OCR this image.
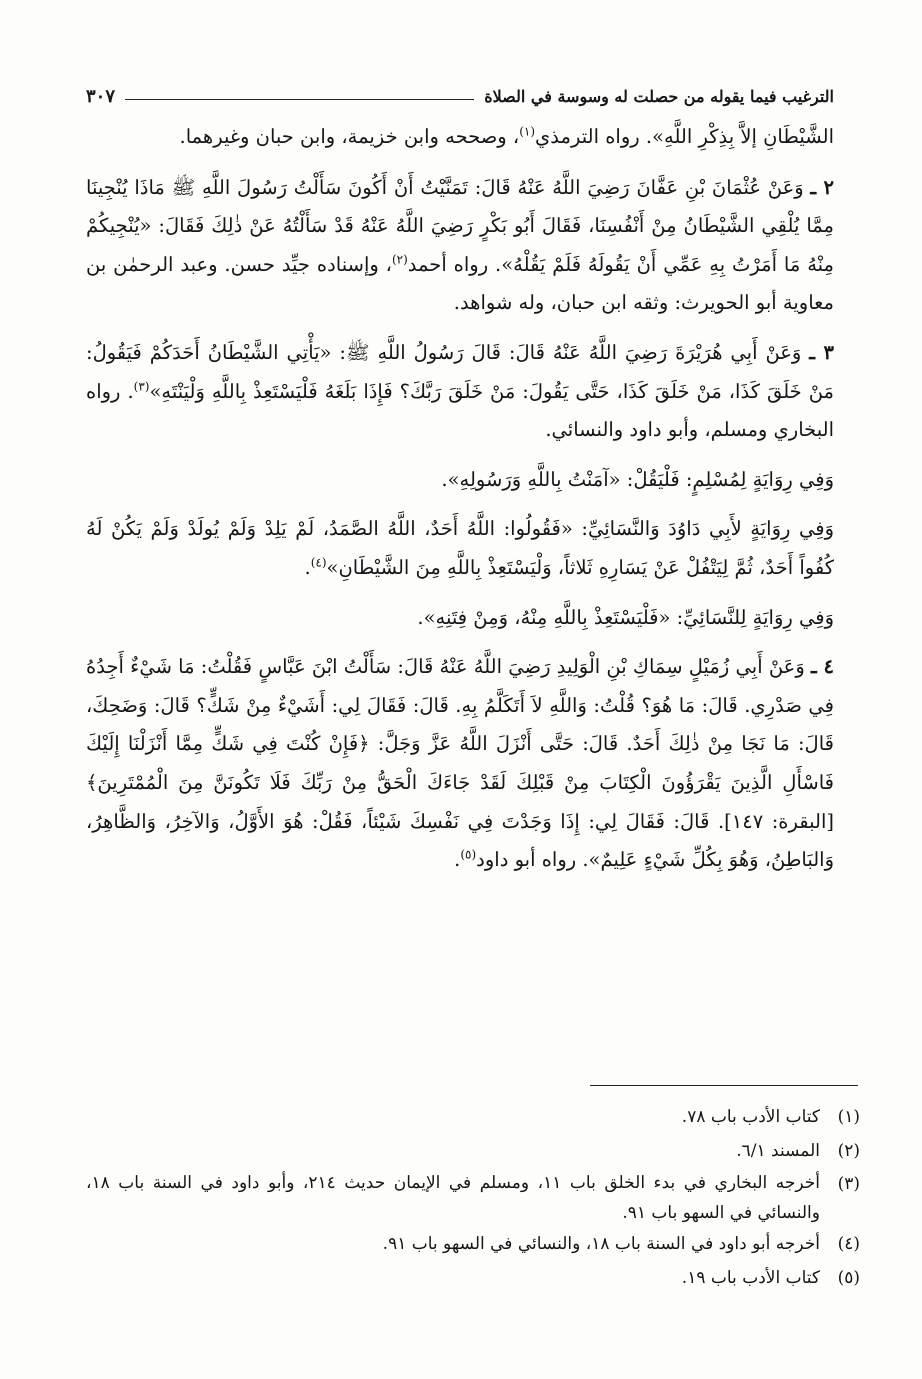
الترغيب فيما يقوله من حصلت له وسوسة في الصلاة
٣٠٧

الشَّيْطَانِ إلاَّ بِذِكْرِ اللَّهِ». رواه الترمذي$^{(١)}$، وصححه وابن خزيمة، وابن حبان وغيرهما.

٢ ـ وَعَنْ عُثْمَانَ بْنِ عَفَّانَ رَضِيَ اللَّهُ عَنْهُ قَالَ: تَمَنَّيْتُ أَنْ أَكُونَ سَأَلْتُ رَسُولَ اللَّهِ ﷺ مَاذَا يُنْجِينَا مِمَّا يُلْقِي الشَّيْطَانُ مِنْ أَنْفُسِنَا، فَقَالَ أَبُو بَكْرٍ رَضِيَ اللَّهُ عَنْهُ قَدْ سَأَلْتُهُ عَنْ ذٰلِكَ فَقَالَ: «يُنْجِيكُمْ مِنْهُ مَا أَمَرْتُ بِهِ عَمِّي أَنْ يَقُولَهُ فَلَمْ يَقُلْهُ». رواه أحمد$^{(٢)}$، وإسناده جيِّد حسن. وعبد الرحمٰن بن معاوية أبو الحويرث: وثقه ابن حبان، وله شواهد.

٣ ـ وَعَنْ أَبِي هُرَيْرَةَ رَضِيَ اللَّهُ عَنْهُ قَالَ: قَالَ رَسُولُ اللَّهِ ﷺ: «يَأْتِي الشَّيْطَانُ أَحَدَكُمْ فَيَقُولُ: مَنْ خَلَقَ كَذَا، مَنْ خَلَقَ كَذَا، حَتَّى يَقُولَ: مَنْ خَلَقَ رَبَّكَ؟ فَإِذَا بَلَغَهُ فَلْيَسْتَعِذْ بِاللَّهِ وَلْيَنْتَهِ»$^{(٣)}$. رواه البخاري ومسلم، وأبو داود والنسائي.

وَفِي رِوَايَةٍ لِمُسْلِمٍ: فَلْيَقُلْ: «آمَنْتُ بِاللَّهِ وَرَسُولِهِ».

وَفِي رِوَايَةٍ لأَبِي دَاوُدَ وَالنَّسَائِيِّ: «فَقُولُوا: اللَّهُ أَحَدٌ، اللَّهُ الصَّمَدُ، لَمْ يَلِدْ وَلَمْ يُولَدْ وَلَمْ يَكُنْ لَهُ كُفُواً أَحَدٌ، ثُمَّ لِيَتْفُلْ عَنْ يَسَارِهِ ثَلاثاً، وَلْيَسْتَعِذْ بِاللَّهِ مِنَ الشَّيْطَانِ»$^{(٤)}$.

وَفِي رِوَايَةٍ لِلنَّسَائِيِّ: «فَلْيَسْتَعِذْ بِاللَّهِ مِنْهُ، وَمِنْ فِتَنِهِ».

٤ ـ وَعَنْ أَبِي زُمَيْلٍ سِمَاكِ بْنِ الْوَلِيدِ رَضِيَ اللَّهُ عَنْهُ قَالَ: سَأَلْتُ ابْنَ عَبَّاسٍ فَقُلْتُ: مَا شَيْءٌ أَجِدُهُ فِي صَدْرِي. قَالَ: مَا هُوَ؟ قُلْتُ: وَاللَّهِ لاَ أَتَكَلَّمُ بِهِ. قَالَ: فَقَالَ لِي: أَشَيْءٌ مِنْ شَكٍّ؟ قَالَ: وَضَحِكَ، قَالَ: مَا نَجَا مِنْ ذٰلِكَ أَحَدٌ. قَالَ: حَتَّى أَنْزَلَ اللَّهُ عَزَّ وَجَلَّ: ﴿فَإِنْ كُنْتَ فِي شَكٍّ مِمَّا أَنْزَلْنَا إِلَيْكَ فَاسْأَلِ الَّذِينَ يَقْرَؤُونَ الْكِتَابَ مِنْ قَبْلِكَ لَقَدْ جَاءَكَ الْحَقُّ مِنْ رَبِّكَ فَلَا تَكُونَنَّ مِنَ الْمُمْتَرِينَ﴾ [البقرة: ١٤٧]. قَالَ: فَقَالَ لِي: إِذَا وَجَدْتَ فِي نَفْسِكَ شَيْئاً، فَقُلْ: هُوَ الأَوَّلُ، وَالآخِرُ، وَالظَّاهِرُ، وَالبَاطِنُ، وَهُوَ بِكُلِّ شَيْءٍ عَلِيمٌ». رواه أبو داود$^{(٥)}$.

(١)
كتاب الأدب باب ٧٨.
(٢)
المسند ٦/١.
(٣)
أخرجه البخاري في بدء الخلق باب ١١، ومسلم في الإيمان حديث ٢١٤، وأبو داود في السنة باب ١٨، والنسائي في السهو باب ٩١.
(٤)
أخرجه أبو داود في السنة باب ١٨، والنسائي في السهو باب ٩١.
(٥)
كتاب الأدب باب ١٩.
